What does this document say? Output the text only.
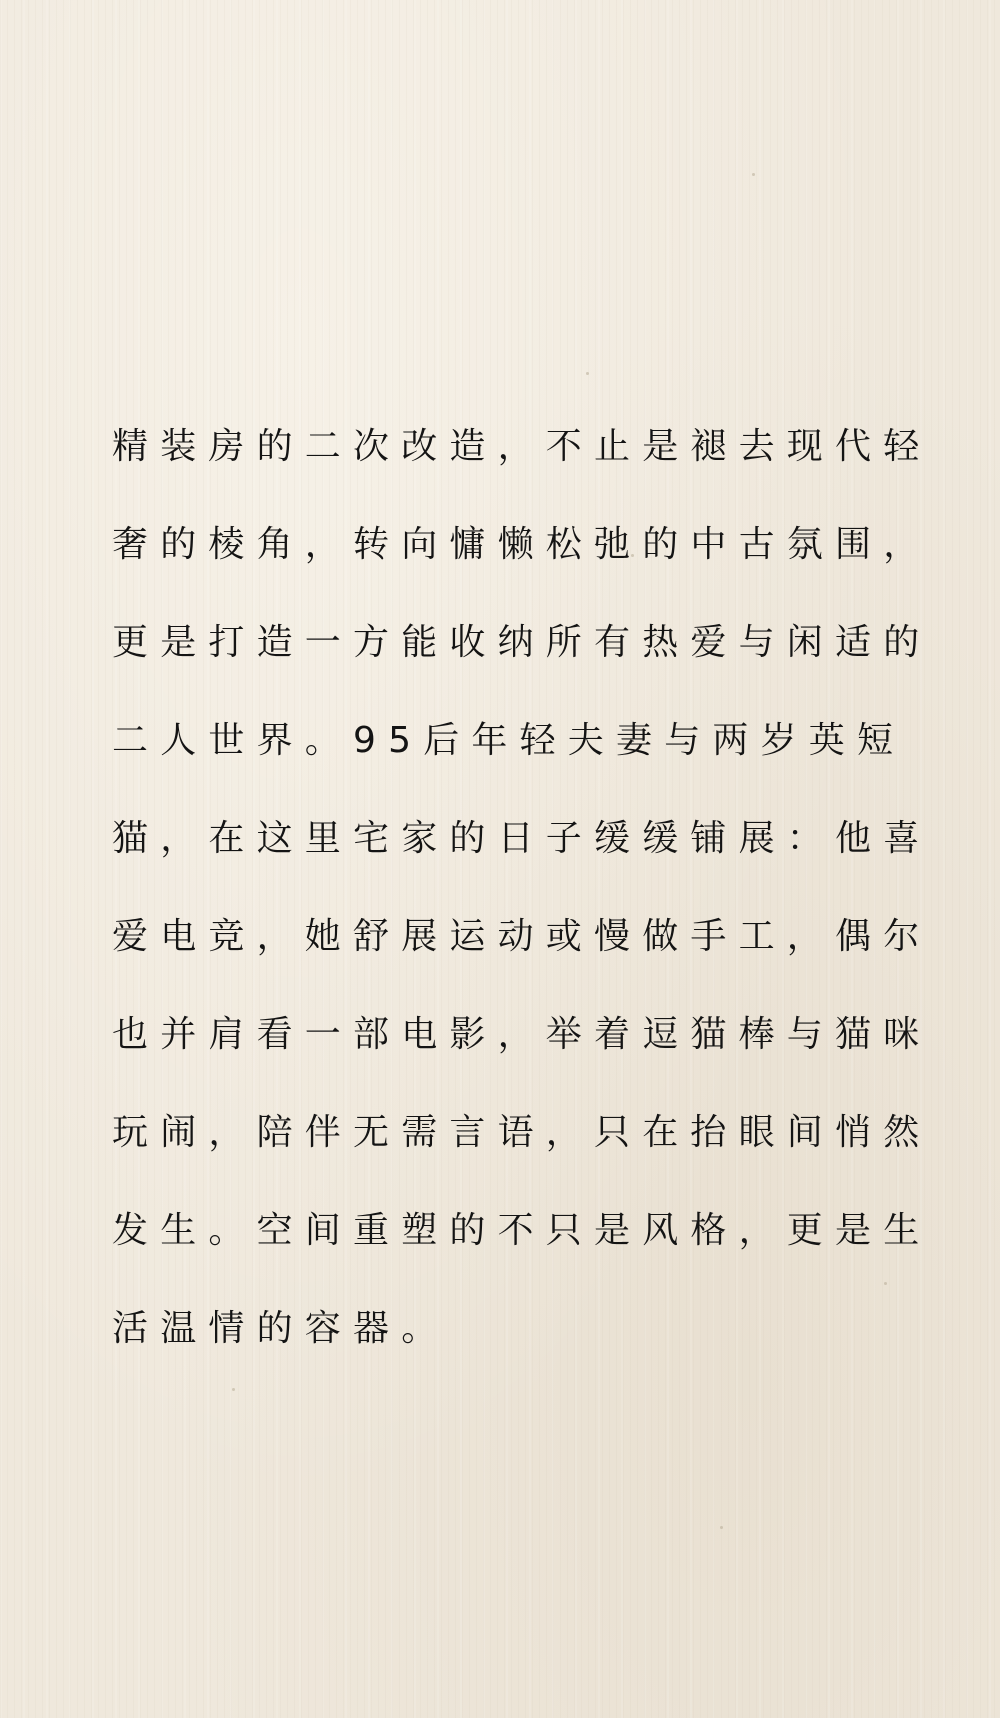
精装房的二次改造，不止是褪去现代轻
奢的棱角，转向慵懒松弛的中古氛围，
更是打造一方能收纳所有热爱与闲适的
二人世界。95后年轻夫妻与两岁英短
猫，在这里宅家的日子缓缓铺展：他喜
爱电竞，她舒展运动或慢做手工，偶尔
也并肩看一部电影，举着逗猫棒与猫咪
玩闹，陪伴无需言语，只在抬眼间悄然
发生。空间重塑的不只是风格，更是生
活温情的容器。
